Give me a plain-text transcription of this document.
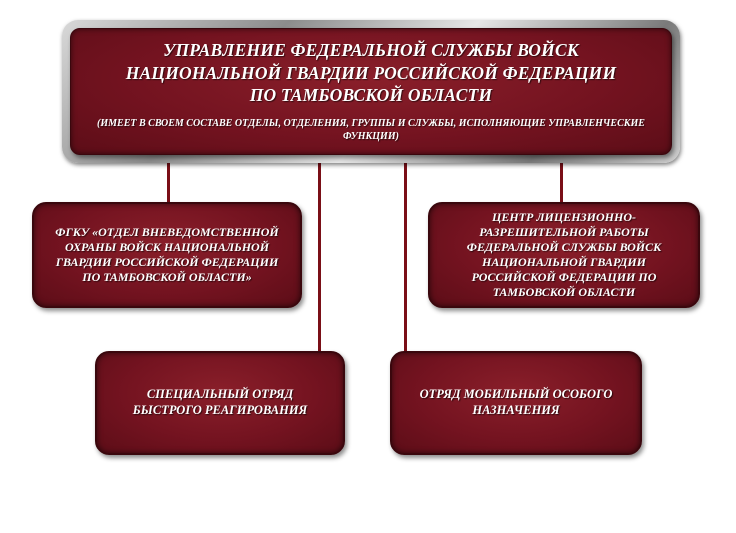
УПРАВЛЕНИЕ ФЕДЕРАЛЬНОЙ СЛУЖБЫ ВОЙСК НАЦИОНАЛЬНОЙ ГВАРДИИ РОССИЙСКОЙ ФЕДЕРАЦИИ ПО ТАМБОВСКОЙ ОБЛАСТИ
(ИМЕЕТ В СВОЕМ СОСТАВЕ ОТДЕЛЫ, ОТДЕЛЕНИЯ, ГРУППЫ И СЛУЖБЫ, ИСПОЛНЯЮЩИЕ УПРАВЛЕНЧЕСКИЕ ФУНКЦИИ)
ФГКУ «ОТДЕЛ ВНЕВЕДОМСТВЕННОЙ ОХРАНЫ ВОЙСК НАЦИОНАЛЬНОЙ ГВАРДИИ РОССИЙСКОЙ ФЕДЕРАЦИИ ПО ТАМБОВСКОЙ ОБЛАСТИ»
ЦЕНТР ЛИЦЕНЗИОННО-РАЗРЕШИТЕЛЬНОЙ РАБОТЫ ФЕДЕРАЛЬНОЙ СЛУЖБЫ ВОЙСК НАЦИОНАЛЬНОЙ ГВАРДИИ РОССИЙСКОЙ ФЕДЕРАЦИИ ПО ТАМБОВСКОЙ ОБЛАСТИ
СПЕЦИАЛЬНЫЙ ОТРЯД БЫСТРОГО РЕАГИРОВАНИЯ
ОТРЯД МОБИЛЬНЫЙ ОСОБОГО НАЗНАЧЕНИЯ
